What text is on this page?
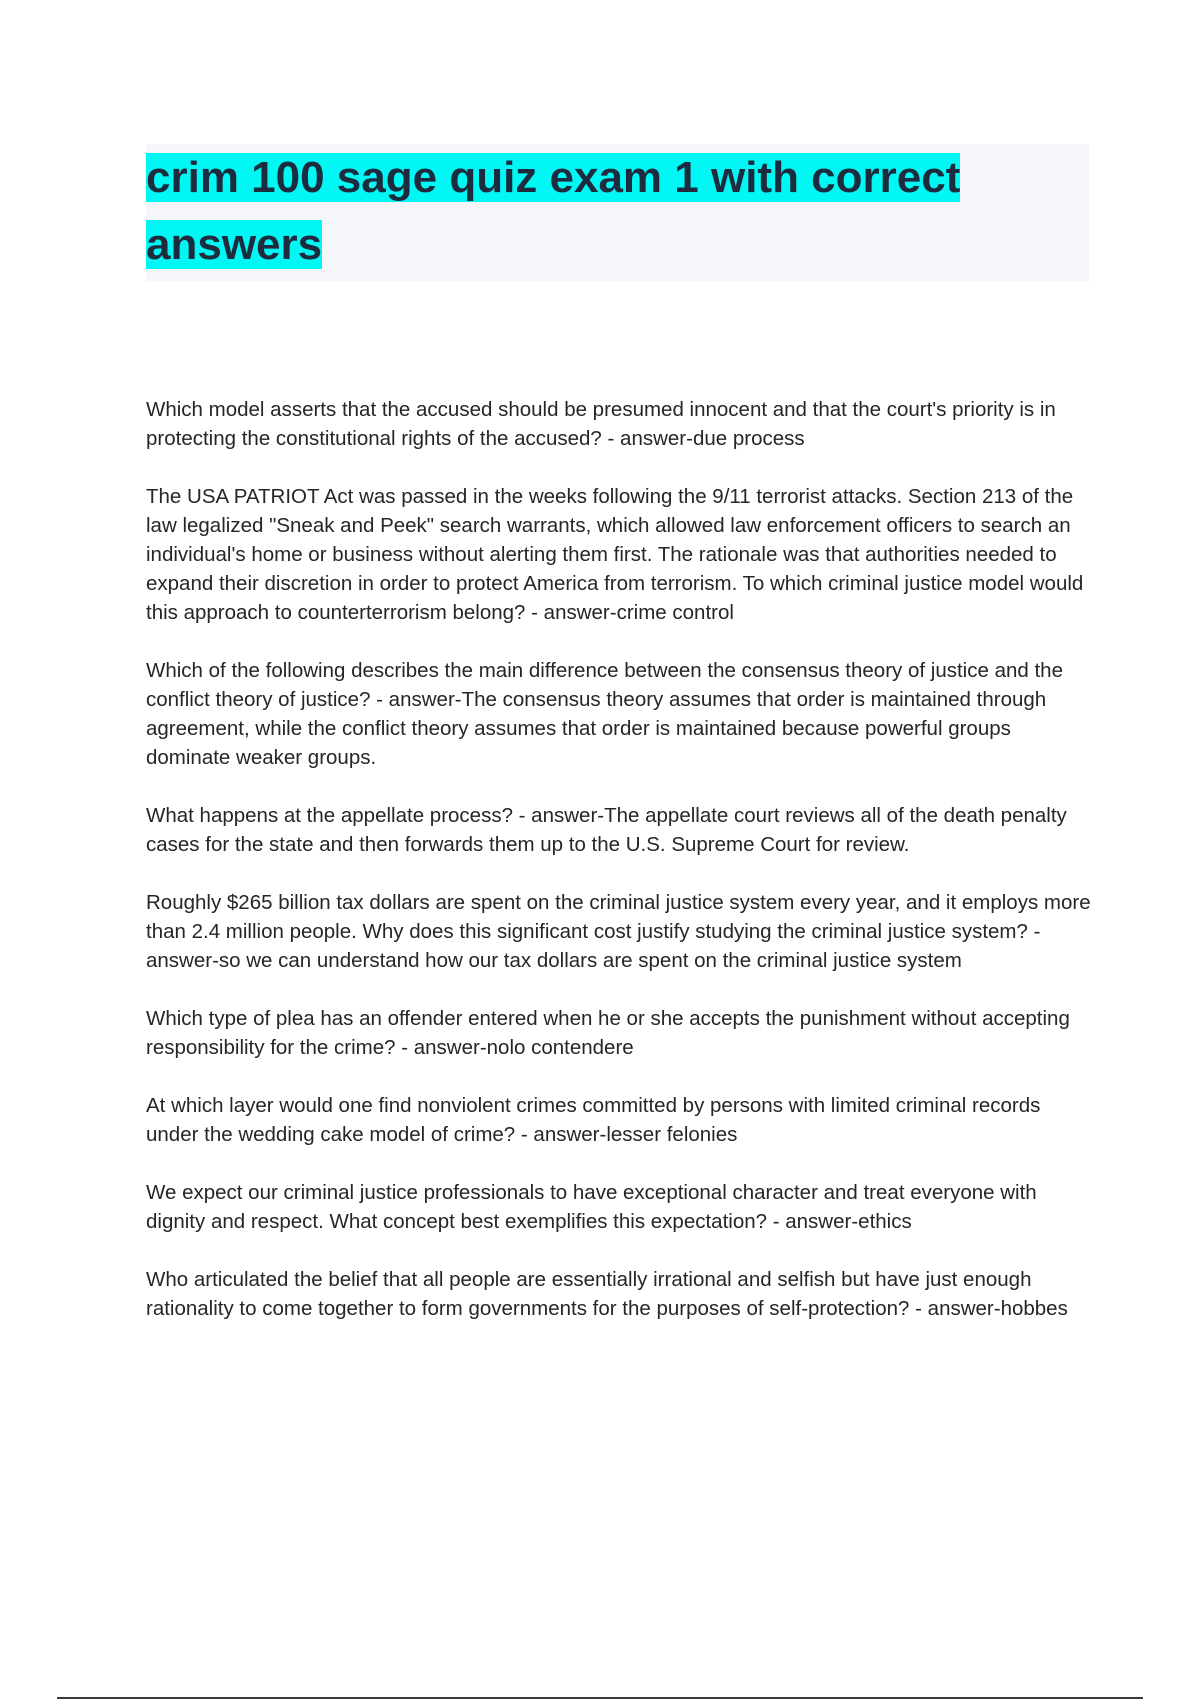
crim 100 sage quiz exam 1 with correct answers

Which model asserts that the accused should be presumed innocent and that the court's priority is in protecting the constitutional rights of the accused? - answer-due process

The USA PATRIOT Act was passed in the weeks following the 9/11 terrorist attacks. Section 213 of the law legalized "Sneak and Peek" search warrants, which allowed law enforcement officers to search an individual's home or business without alerting them first. The rationale was that authorities needed to expand their discretion in order to protect America from terrorism. To which criminal justice model would this approach to counterterrorism belong? - answer-crime control

Which of the following describes the main difference between the consensus theory of justice and the conflict theory of justice? - answer-The consensus theory assumes that order is maintained through agreement, while the conflict theory assumes that order is maintained because powerful groups dominate weaker groups.

What happens at the appellate process? - answer-The appellate court reviews all of the death penalty cases for the state and then forwards them up to the U.S. Supreme Court for review.

Roughly $265 billion tax dollars are spent on the criminal justice system every year, and it employs more than 2.4 million people. Why does this significant cost justify studying the criminal justice system? - answer-so we can understand how our tax dollars are spent on the criminal justice system

Which type of plea has an offender entered when he or she accepts the punishment without accepting responsibility for the crime? - answer-nolo contendere

At which layer would one find nonviolent crimes committed by persons with limited criminal records under the wedding cake model of crime? - answer-lesser felonies

We expect our criminal justice professionals to have exceptional character and treat everyone with dignity and respect. What concept best exemplifies this expectation? - answer-ethics

Who articulated the belief that all people are essentially irrational and selfish but have just enough rationality to come together to form governments for the purposes of self-protection? - answer-hobbes
